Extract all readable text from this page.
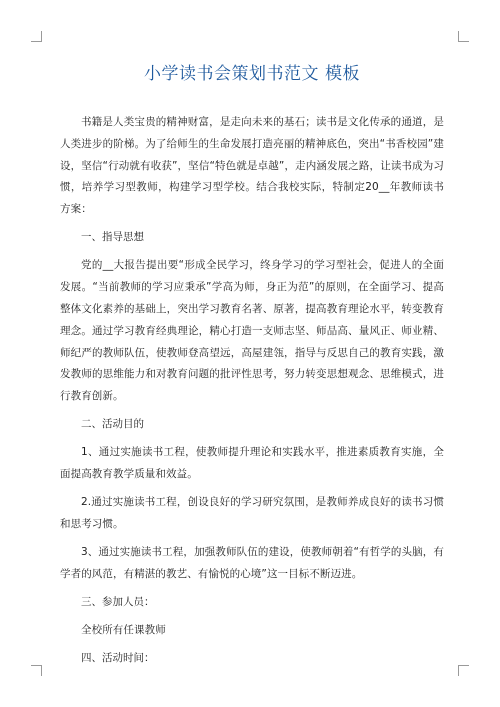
小学读书会策划书范文 模板

书籍是人类宝贵的精神财富，是走向未来的基石；读书是文化传承的通道，是人类进步的阶梯。为了给师生的生命发展打造亮丽的精神底色，突出“书香校园”建设，坚信“行动就有收获”，坚信“特色就是卓越”，走内涵发展之路，让读书成为习惯，培养学习型教师，构建学习型学校。结合我校实际，特制定20__年教师读书方案：

一、指导思想

党的__大报告提出要“形成全民学习，终身学习的学习型社会，促进人的全面发展。“当前教师的学习应秉承”学高为师，身正为范”的原则，在全面学习、提高整体文化素养的基础上，突出学习教育名著、原著，提高教育理论水平，转变教育理念。通过学习教育经典理论，精心打造一支师志坚、师品高、量风正、师业精、师纪严的教师队伍，使教师登高望远，高屋建瓴，指导与反思自己的教育实践，激发教师的思维能力和对教育问题的批评性思考，努力转变思想观念、思维模式，进行教育创新。

二、活动目的

1、通过实施读书工程，使教师提升理论和实践水平，推进素质教育实施，全面提高教育教学质量和效益。

2.通过实施读书工程，创设良好的学习研究氛围，是教师养成良好的读书习惯和思考习惯。

3、通过实施读书工程，加强教师队伍的建设，使教师朝着“有哲学的头脑，有学者的风范，有精湛的教艺、有愉悦的心境”这一目标不断迈进。

三、参加人员：

全校所有任课教师

四、活动时间：
